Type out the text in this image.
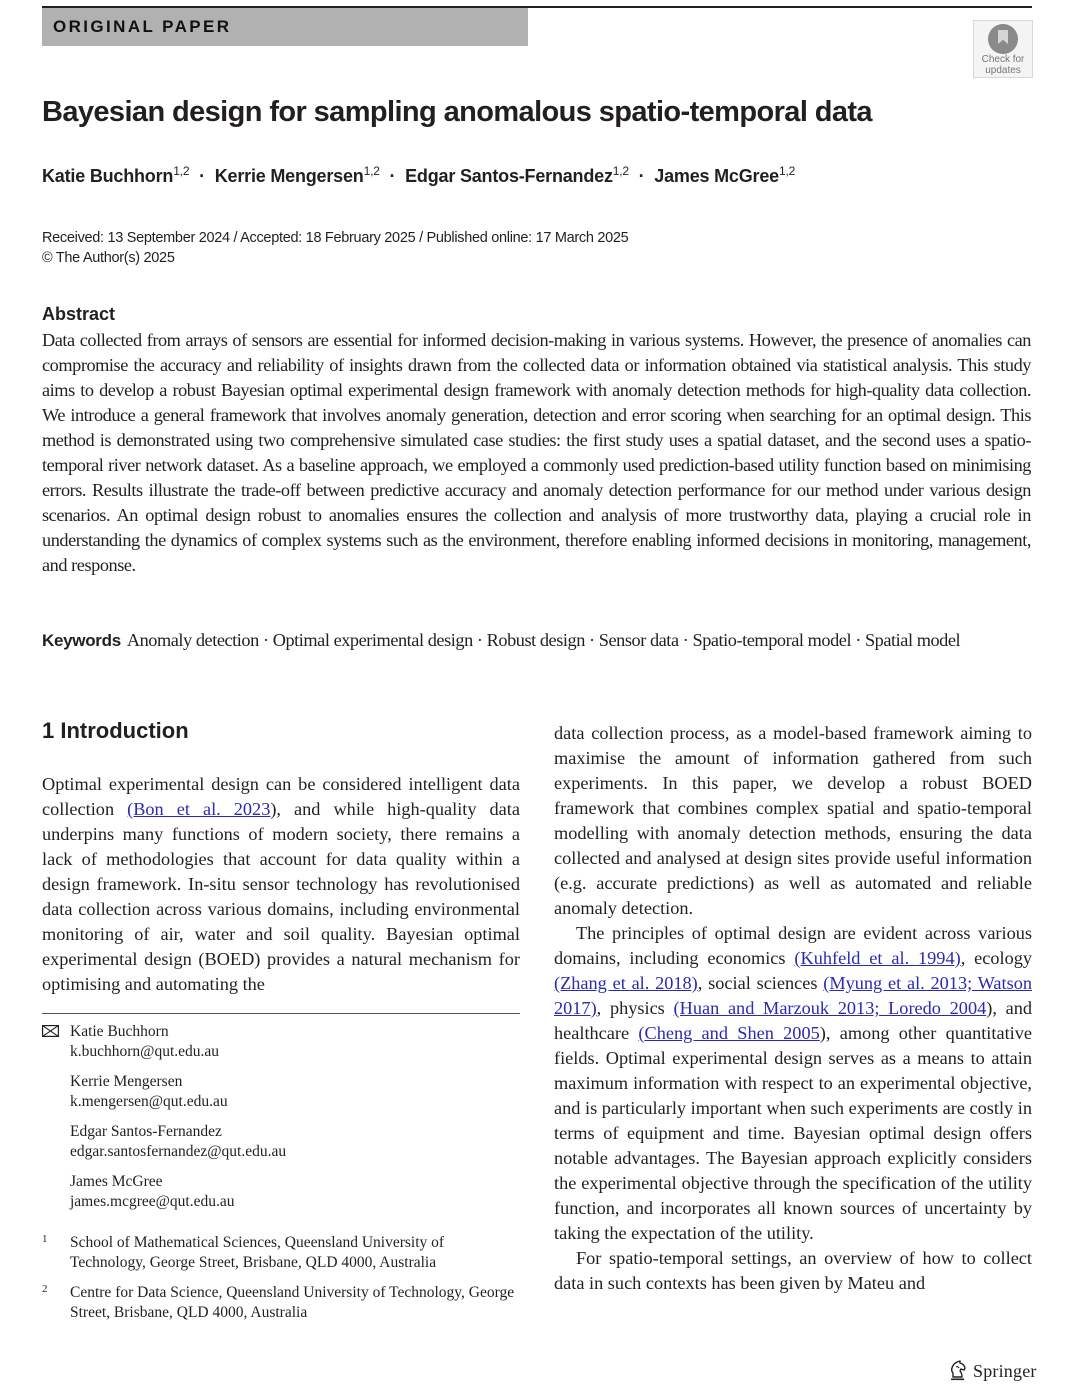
ORIGINAL PAPER
Check for
updates
Bayesian design for sampling anomalous spatio-temporal data
Katie Buchhorn$^{1,2}$ · Kerrie Mengersen$^{1,2}$ · Edgar Santos-Fernandez$^{1,2}$ · James McGree$^{1,2}$
Received: 13 September 2024 / Accepted: 18 February 2025 / Published online: 17 March 2025
© The Author(s) 2025
Abstract

Data collected from arrays of sensors are essential for informed decision-making in various systems. However, the presence of anomalies can compromise the accuracy and reliability of insights drawn from the collected data or information obtained via statistical analysis. This study aims to develop a robust Bayesian optimal experimental design framework with anomaly detection methods for high-quality data collection. We introduce a general framework that involves anomaly generation, detection and error scoring when searching for an optimal design. This method is demonstrated using two comprehensive simulated case studies: the first study uses a spatial dataset, and the second uses a spatio-temporal river network dataset. As a baseline approach, we employed a commonly used prediction-based utility function based on minimising errors. Results illustrate the trade-off between predictive accuracy and anomaly detection performance for our method under various design scenarios. An optimal design robust to anomalies ensures the collection and analysis of more trustworthy data, playing a crucial role in understanding the dynamics of complex systems such as the environment, therefore enabling informed decisions in monitoring, management, and response.

Keywords Anomaly detection · Optimal experimental design · Robust design · Sensor data · Spatio-temporal model · Spatial model
1 Introduction

Optimal experimental design can be considered intelligent data collection (Bon et al. 2023), and while high-quality data underpins many functions of modern society, there remains a lack of methodologies that account for data quality within a design framework. In-situ sensor technology has revolutionised data collection across various domains, including environmental monitoring of air, water and soil quality. Bayesian optimal experimental design (BOED) provides a natural mechanism for optimising and automating the

Katie Buchhorn
k.buchhorn@qut.edu.au
Kerrie Mengersen
k.mengersen@qut.edu.au
Edgar Santos-Fernandez
edgar.santosfernandez@qut.edu.au
James McGree
james.mcgree@qut.edu.au
1 School of Mathematical Sciences, Queensland University of Technology, George Street, Brisbane, QLD 4000, Australia
2 Centre for Data Science, Queensland University of Technology, George Street, Brisbane, QLD 4000, Australia

data collection process, as a model-based framework aiming to maximise the amount of information gathered from such experiments. In this paper, we develop a robust BOED framework that combines complex spatial and spatio-temporal modelling with anomaly detection methods, ensuring the data collected and analysed at design sites provide useful information (e.g. accurate predictions) as well as automated and reliable anomaly detection.

The principles of optimal design are evident across various domains, including economics (Kuhfeld et al. 1994), ecology (Zhang et al. 2018), social sciences (Myung et al. 2013; Watson 2017), physics (Huan and Marzouk 2013; Loredo 2004), and healthcare (Cheng and Shen 2005), among other quantitative fields. Optimal experimental design serves as a means to attain maximum information with respect to an experimental objective, and is particularly important when such experiments are costly in terms of equipment and time. Bayesian optimal design offers notable advantages. The Bayesian approach explicitly considers the experimental objective through the specification of the utility function, and incorporates all known sources of uncertainty by taking the expectation of the utility.

For spatio-temporal settings, an overview of how to collect data in such contexts has been given by Mateu and

Springer
